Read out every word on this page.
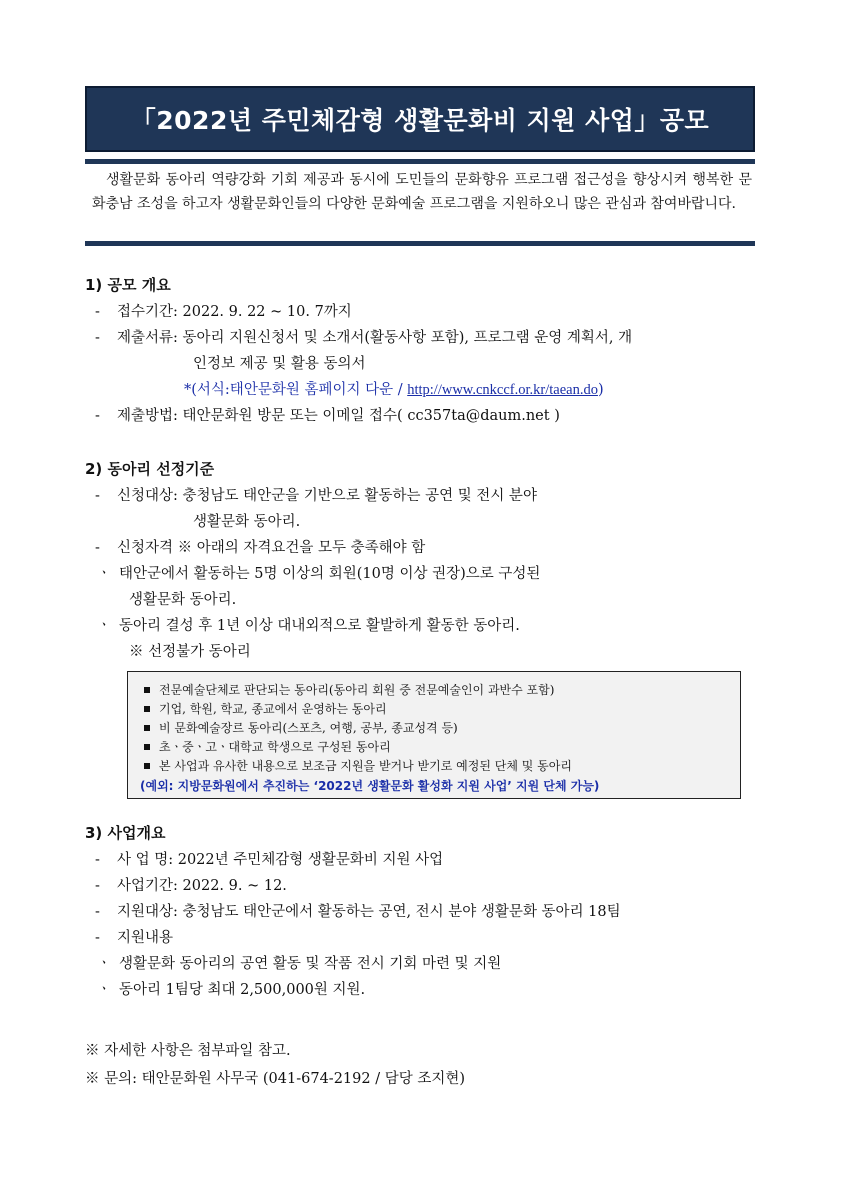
「2022년 주민체감형 생활문화비 지원 사업」공모
생활문화 동아리 역량강화 기회 제공과 동시에 도민들의 문화향유 프로그램 접근성을 향상시켜 행복한 문화충남 조성을 하고자 생활문화인들의 다양한 문화예술 프로그램을 지원하오니 많은 관심과 참여바랍니다.
1) 공모 개요
- 접수기간: 2022. 9. 22 ~ 10. 7까지
- 제출서류: 동아리 지원신청서 및 소개서(활동사항 포함), 프로그램 운영 계획서, 개
인정보 제공 및 활용 동의서
*(서식:태안문화원 홈페이지 다운 / http://www.cnkccf.or.kr/taean.do)
- 제출방법: 태안문화원 방문 또는 이메일 접수( cc357ta@daum.net )
2) 동아리 선정기준
- 신청대상: 충청남도 태안군을 기반으로 활동하는 공연 및 전시 분야
생활문화 동아리.
- 신청자격 ※ 아래의 자격요건을 모두 충족해야 함
ㆍ 태안군에서 활동하는 5명 이상의 회원(10명 이상 권장)으로 구성된
생활문화 동아리.
ㆍ 동아리 결성 후 1년 이상 대내외적으로 활발하게 활동한 동아리.
※ 선정불가 동아리
전문예술단체로 판단되는 동아리(동아리 회원 중 전문예술인이 과반수 포함)
기업, 학원, 학교, 종교에서 운영하는 동아리
비 문화예술장르 동아리(스포츠, 여행, 공부, 종교성격 등)
초ㆍ중ㆍ고ㆍ대학교 학생으로 구성된 동아리
본 사업과 유사한 내용으로 보조금 지원을 받거나 받기로 예정된 단체 및 동아리
(예외: 지방문화원에서 추진하는 ‘2022년 생활문화 활성화 지원 사업’ 지원 단체 가능)
3) 사업개요
- 사 업 명: 2022년 주민체감형 생활문화비 지원 사업
- 사업기간: 2022. 9. ~ 12.
- 지원대상: 충청남도 태안군에서 활동하는 공연, 전시 분야 생활문화 동아리 18팀
- 지원내용
ㆍ 생활문화 동아리의 공연 활동 및 작품 전시 기회 마련 및 지원
ㆍ 동아리 1팀당 최대 2,500,000원 지원.
※ 자세한 사항은 첨부파일 참고.
※ 문의: 태안문화원 사무국 (041-674-2192 / 담당 조지현)
